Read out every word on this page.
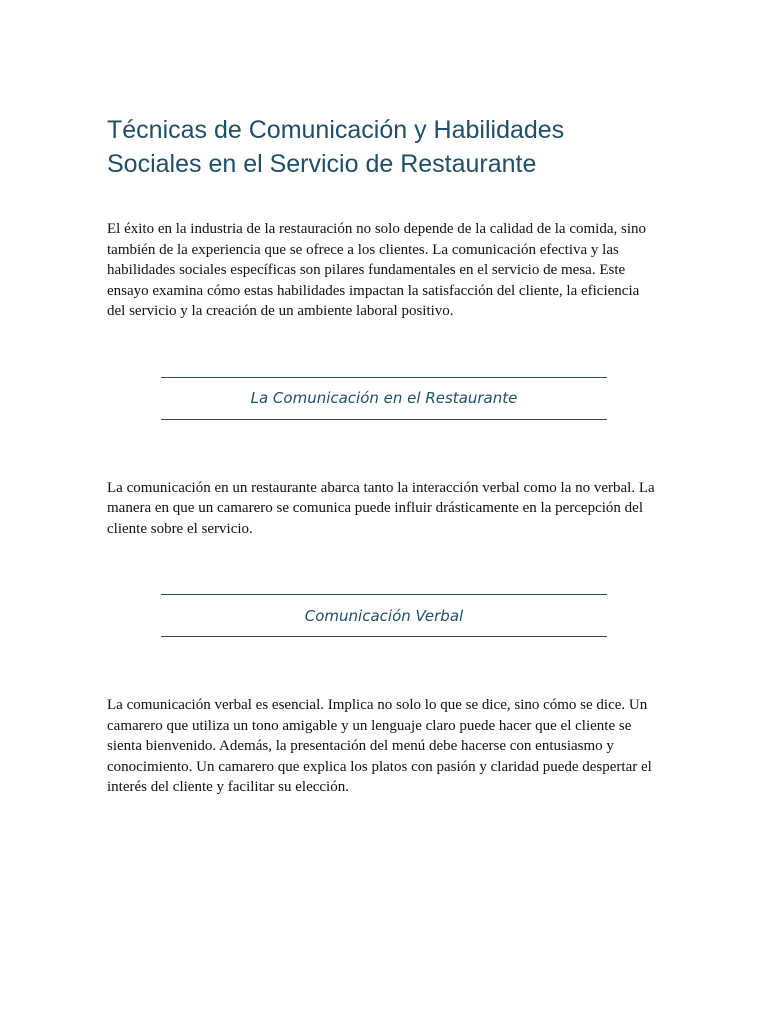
Técnicas de Comunicación y Habilidades Sociales en el Servicio de Restaurante

El éxito en la industria de la restauración no solo depende de la calidad de la comida, sino también de la experiencia que se ofrece a los clientes. La comunicación efectiva y las habilidades sociales específicas son pilares fundamentales en el servicio de mesa. Este ensayo examina cómo estas habilidades impactan la satisfacción del cliente, la eficiencia del servicio y la creación de un ambiente laboral positivo.

La Comunicación en el Restaurante

La comunicación en un restaurante abarca tanto la interacción verbal como la no verbal. La manera en que un camarero se comunica puede influir drásticamente en la percepción del cliente sobre el servicio.

Comunicación Verbal

La comunicación verbal es esencial. Implica no solo lo que se dice, sino cómo se dice. Un camarero que utiliza un tono amigable y un lenguaje claro puede hacer que el cliente se sienta bienvenido. Además, la presentación del menú debe hacerse con entusiasmo y conocimiento. Un camarero que explica los platos con pasión y claridad puede despertar el interés del cliente y facilitar su elección.
